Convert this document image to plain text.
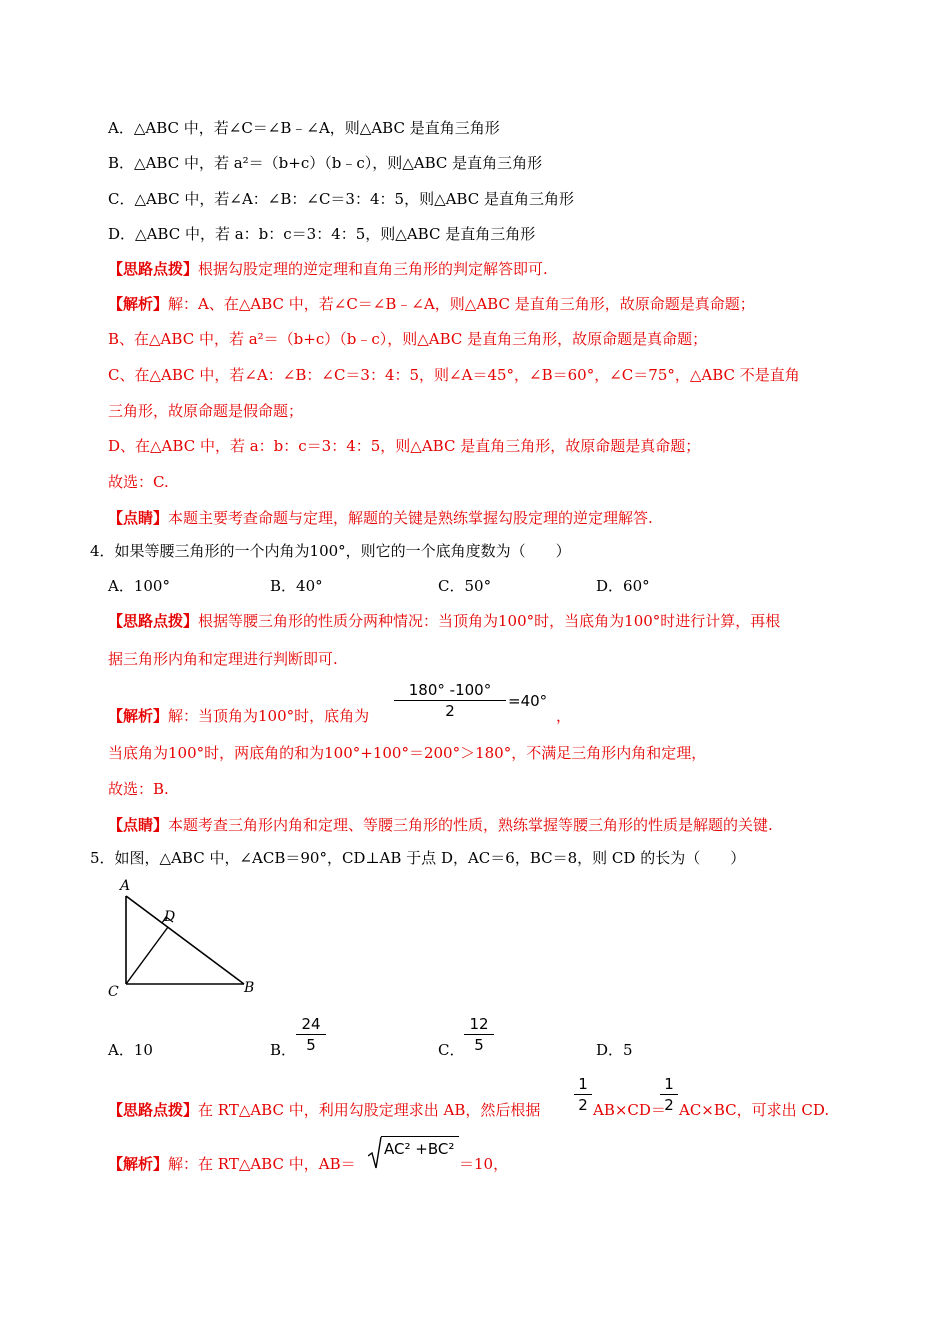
A．△ABC 中，若∠C＝∠B﹣∠A，则△ABC 是直角三角形
B．△ABC 中，若 a²＝（b+c）（b﹣c），则△ABC 是直角三角形
C．△ABC 中，若∠A：∠B：∠C＝3：4：5，则△ABC 是直角三角形
D．△ABC 中，若 a：b：c＝3：4：5，则△ABC 是直角三角形
【思路点拨】根据勾股定理的逆定理和直角三角形的判定解答即可.
【解析】解：A、在△ABC 中，若∠C＝∠B﹣∠A，则△ABC 是直角三角形，故原命题是真命题；
B、在△ABC 中，若 a²＝（b+c）（b﹣c），则△ABC 是直角三角形，故原命题是真命题；
C、在△ABC 中，若∠A：∠B：∠C＝3：4：5，则∠A＝45°，∠B＝60°，∠C＝75°，△ABC 不是直角
三角形，故原命题是假命题；
D、在△ABC 中，若 a：b：c＝3：4：5，则△ABC 是直角三角形，故原命题是真命题；
故选：C.
【点睛】本题主要考查命题与定理，解题的关键是熟练掌握勾股定理的逆定理解答.
4．如果等腰三角形的一个内角为100°，则它的一个底角度数为（　　）
A．100°	B．40°	C．50°	D．60°
【思路点拨】根据等腰三角形的性质分两种情况：当顶角为100°时，当底角为100°时进行计算，再根
据三角形内角和定理进行判断即可.
【解析】解：当顶角为100°时，底角为
180° -100°
2
=40°
，
当底角为100°时，两底角的和为100°+100°＝200°＞180°，不满足三角形内角和定理，
故选：B.
【点睛】本题考查三角形内角和定理、等腰三角形的性质，熟练掌握等腰三角形的性质是解题的关键.
5．如图，△ABC 中，∠ACB＝90°，CD⊥AB 于点 D，AC＝6，BC＝8，则 CD 的长为（　　）
A
D
C	B
A．10	B．
24
5	C．
12
5	D．5
【思路点拨】在 RT△ABC 中，利用勾股定理求出 AB，然后根据
1
2 AB×CD＝
1
2 AC×BC，可求出 CD.
【解析】解：在 RT△ABC 中，AB＝
AC² +BC²
＝10，
